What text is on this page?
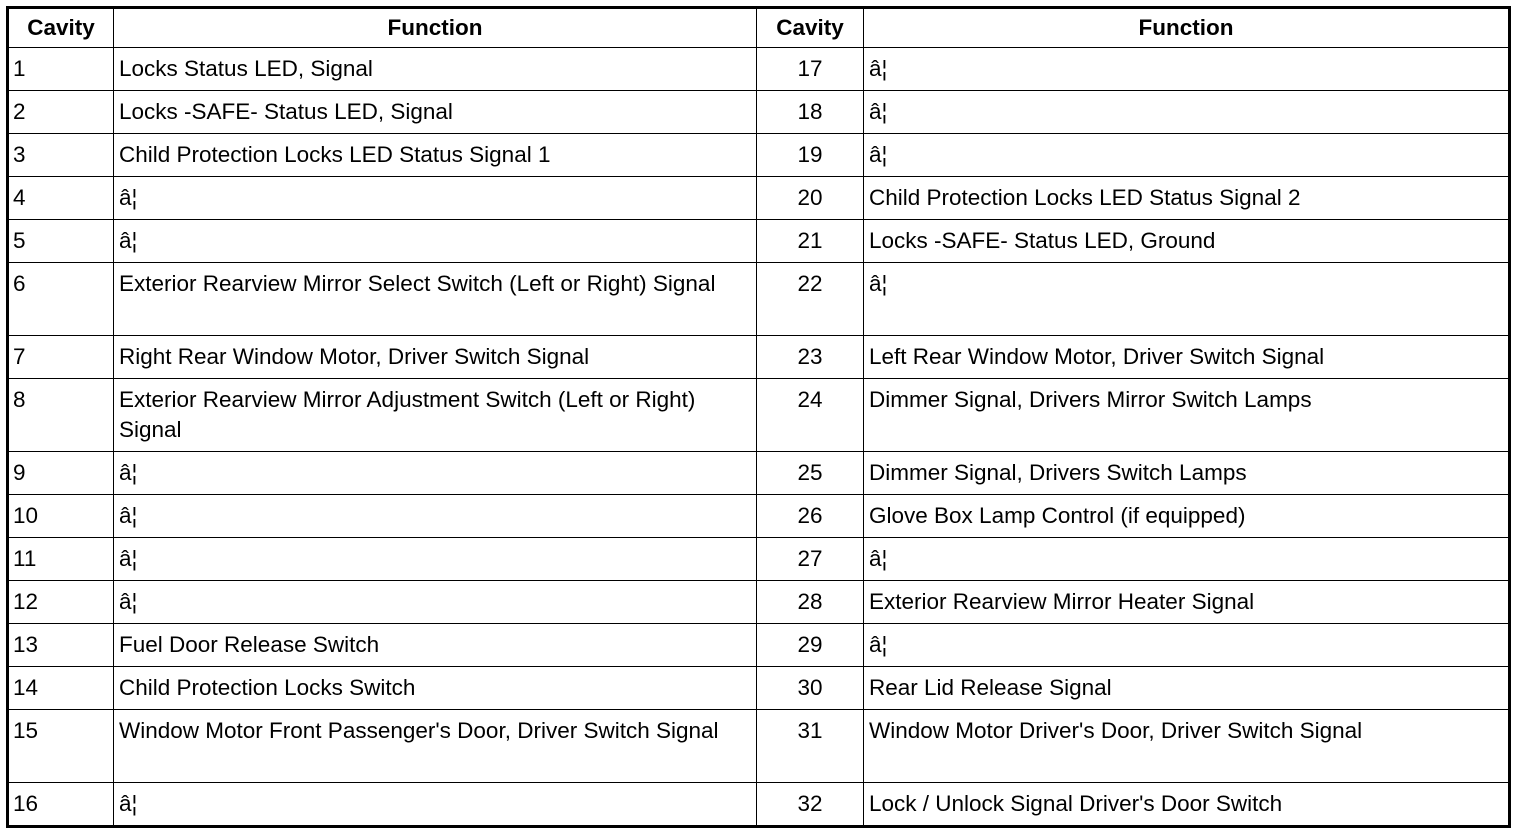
Cavity	Function	Cavity	Function
1	Locks Status LED, Signal	17	â¦
2	Locks -SAFE- Status LED, Signal	18	â¦
3	Child Protection Locks LED Status Signal 1	19	â¦
4	â¦	20	Child Protection Locks LED Status Signal 2
5	â¦	21	Locks -SAFE- Status LED, Ground
6	Exterior Rearview Mirror Select Switch (Left or Right) Signal	22	â¦
7	Right Rear Window Motor, Driver Switch Signal	23	Left Rear Window Motor, Driver Switch Signal
8	Exterior Rearview Mirror Adjustment Switch (Left or Right) Signal	24	Dimmer Signal, Drivers Mirror Switch Lamps
9	â¦	25	Dimmer Signal, Drivers Switch Lamps
10	â¦	26	Glove Box Lamp Control (if equipped)
11	â¦	27	â¦
12	â¦	28	Exterior Rearview Mirror Heater Signal
13	Fuel Door Release Switch	29	â¦
14	Child Protection Locks Switch	30	Rear Lid Release Signal
15	Window Motor Front Passenger's Door, Driver Switch Signal	31	Window Motor Driver's Door, Driver Switch Signal
16	â¦	32	Lock / Unlock Signal Driver's Door Switch
